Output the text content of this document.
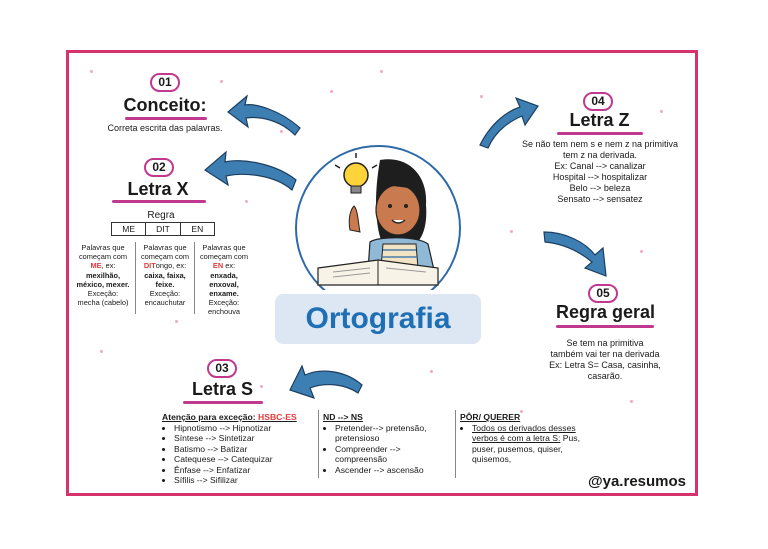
01
Conceito:
Correta escrita das palavras.
02
Letra X
Regra
ME	DIT	EN
Palavras que começam com ME, ex:
mexilhão, méxico, mexer.
Exceção:
mecha (cabelo)
Palavras que começam com DITongo, ex:
caixa, faixa, feixe.
Exceção:
encauchutar
Palavras que começam com EN ex:
enxada, enxoval, enxame.
Exceção:
enchouva	Ortografia
03
Letra S
Atenção para exceção: HSBC-ES
• Hipnotismo --> Hipnotizar
• Síntese --> Sintetizar
• Batismo --> Batizar
• Catequese --> Catequizar
• Ênfase --> Enfatizar
• Sífilis --> Sifilizar
ND --> NS
• Pretender--> pretensão, pretensioso
• Compreender --> compreensão
• Ascender --> ascensão
PÔR/ QUERER
• Todos os derivados desses verbos é com a letra S: Pus, puser, pusemos, quiser, quisemos,
04
Letra Z
Se não tem nem s e nem z na primitiva
tem z na derivada.
Ex: Canal --> canalizar
Hospital --> hospitalizar
Belo --> beleza
Sensato --> sensatez
05
Regra geral
Se tem na primitiva
também vai ter na derivada
Ex: Letra S= Casa, casinha,
casarão.
@ya.resumos
